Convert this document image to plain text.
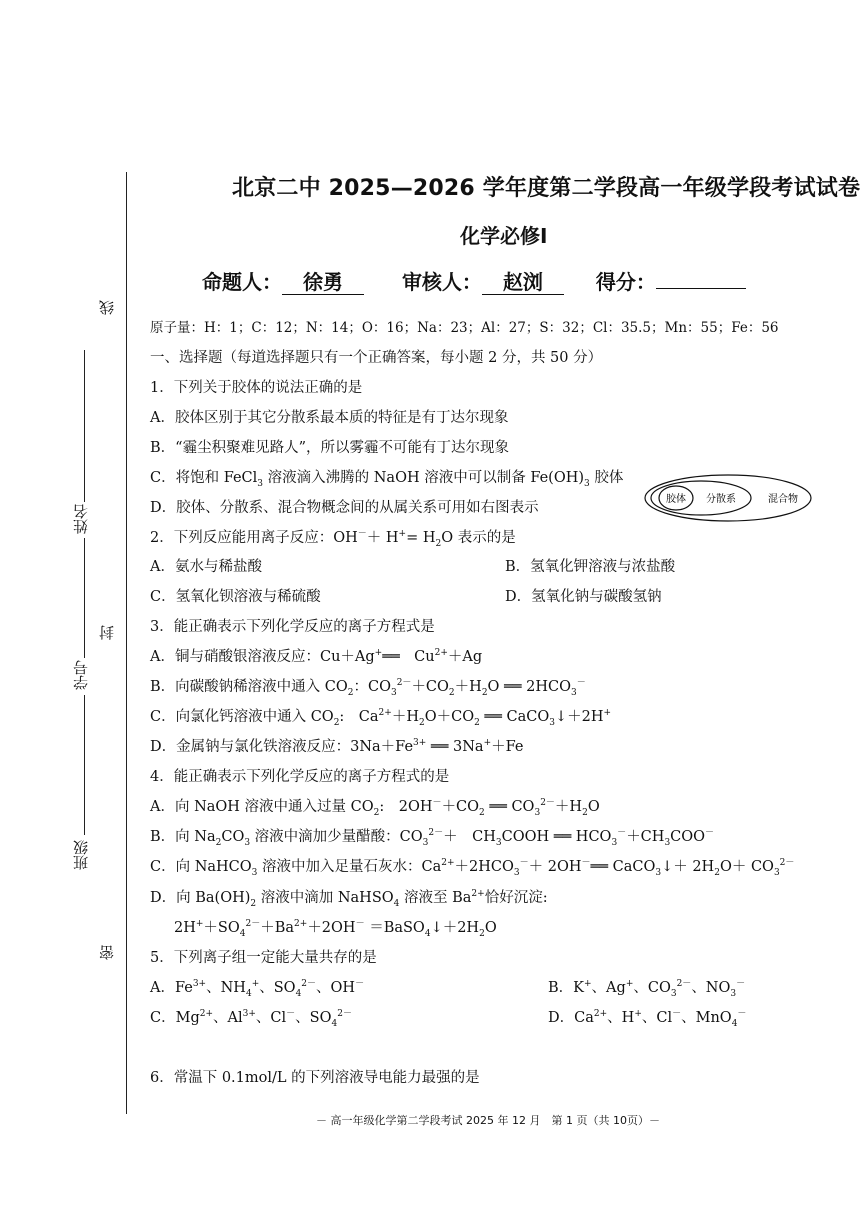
线
封
密
姓名
学号
班级
北京二中 2025—2026 学年度第二学段高一年级学段考试试卷
化学必修Ⅰ
命题人： 徐勇	审核人： 赵浏	得分：
原子量：H：1；C：12；N：14；O：16；Na：23；Al：27；S：32；Cl：35.5；Mn：55；Fe：56
一、选择题（每道选择题只有一个正确答案，每小题 2 分，共 50 分）
1．下列关于胶体的说法正确的是
A．胶体区别于其它分散系最本质的特征是有丁达尔现象
B．“霾尘积聚难见路人”，所以雾霾不可能有丁达尔现象
C．将饱和 FeCl$_3$ 溶液滴入沸腾的 NaOH 溶液中可以制备 $Fe(OH)_3$ 胶体
D．胶体、分散系、混合物概念间的从属关系可用如右图表示
胶体 分散系	混合物
2．下列反应能用离子反应：$OH^-+ H^+= H_2O$ 表示的是
A．氨水与稀盐酸	B．氢氧化钾溶液与浓盐酸
C．氢氧化钡溶液与稀硫酸	D．氢氧化钠与碳酸氢钠
3．能正确表示下列化学反应的离子方程式是
A．铜与硝酸银溶液反应：Cu＋Ag+══　$Cu^{2+}+Ag$
B．向碳酸钠稀溶液中通入 $CO_2$：$CO_3^{2-}+CO_2+H_2O$ ══ $2HCO_3^-$
C．向氯化钙溶液中通入 $CO_2$:　$Ca^{2+}+H_2O+CO_2$ ══ CaCO$_3$↓＋2H+
D．金属钠与氯化铁溶液反应：$3Na+Fe^{3+}$ ══ 3Na+＋Fe
4．能正确表示下列化学反应的离子方程式的是
A．向 NaOH 溶液中通入过量 $CO_2$:　$2OH^-+CO_2$ ══ $CO_3^{2-}+H_2O$
B．向 $Na_2CO_3$ 溶液中滴加少量醋酸：$CO_3^{2-}+$　$CH_3COOH$ ══ $HCO_3^-+CH_3COO^-$
C．向 NaHCO$_3$ 溶液中加入足量石灰水：$Ca^{2+}+2HCO_3^-+$ 2OH－══ CaCO$_3$↓＋ $2H_2O+ CO_3^{2-}$
D．向 $Ba(OH)_2$ 溶液中滴加 NaHSO$_4$ 溶液至 $Ba^{2+}$恰好沉淀:
$2H^++SO_4^{2-}+Ba^{2+}+2OH^-$ $=BaSO_4↓+2H_2O$
5．下列离子组一定能大量共存的是
A．$Fe^{3+}$、$NH_4^+$、$SO_4^{2-}$、OH－	B．K+、Ag+、$CO_3^{2-}$、$NO_3^-$
C．$Mg^{2+}$、$Al^{3+}$、Cl－、$SO_4^{2-}$	D．$Ca^{2+}$、H+、Cl－、MnO$_4$－
6．常温下 0.1mol/L 的下列溶液导电能力最强的是
－ 高一年级化学第二学段考试 2025 年 12 月　第 1 页（共 10页）－
